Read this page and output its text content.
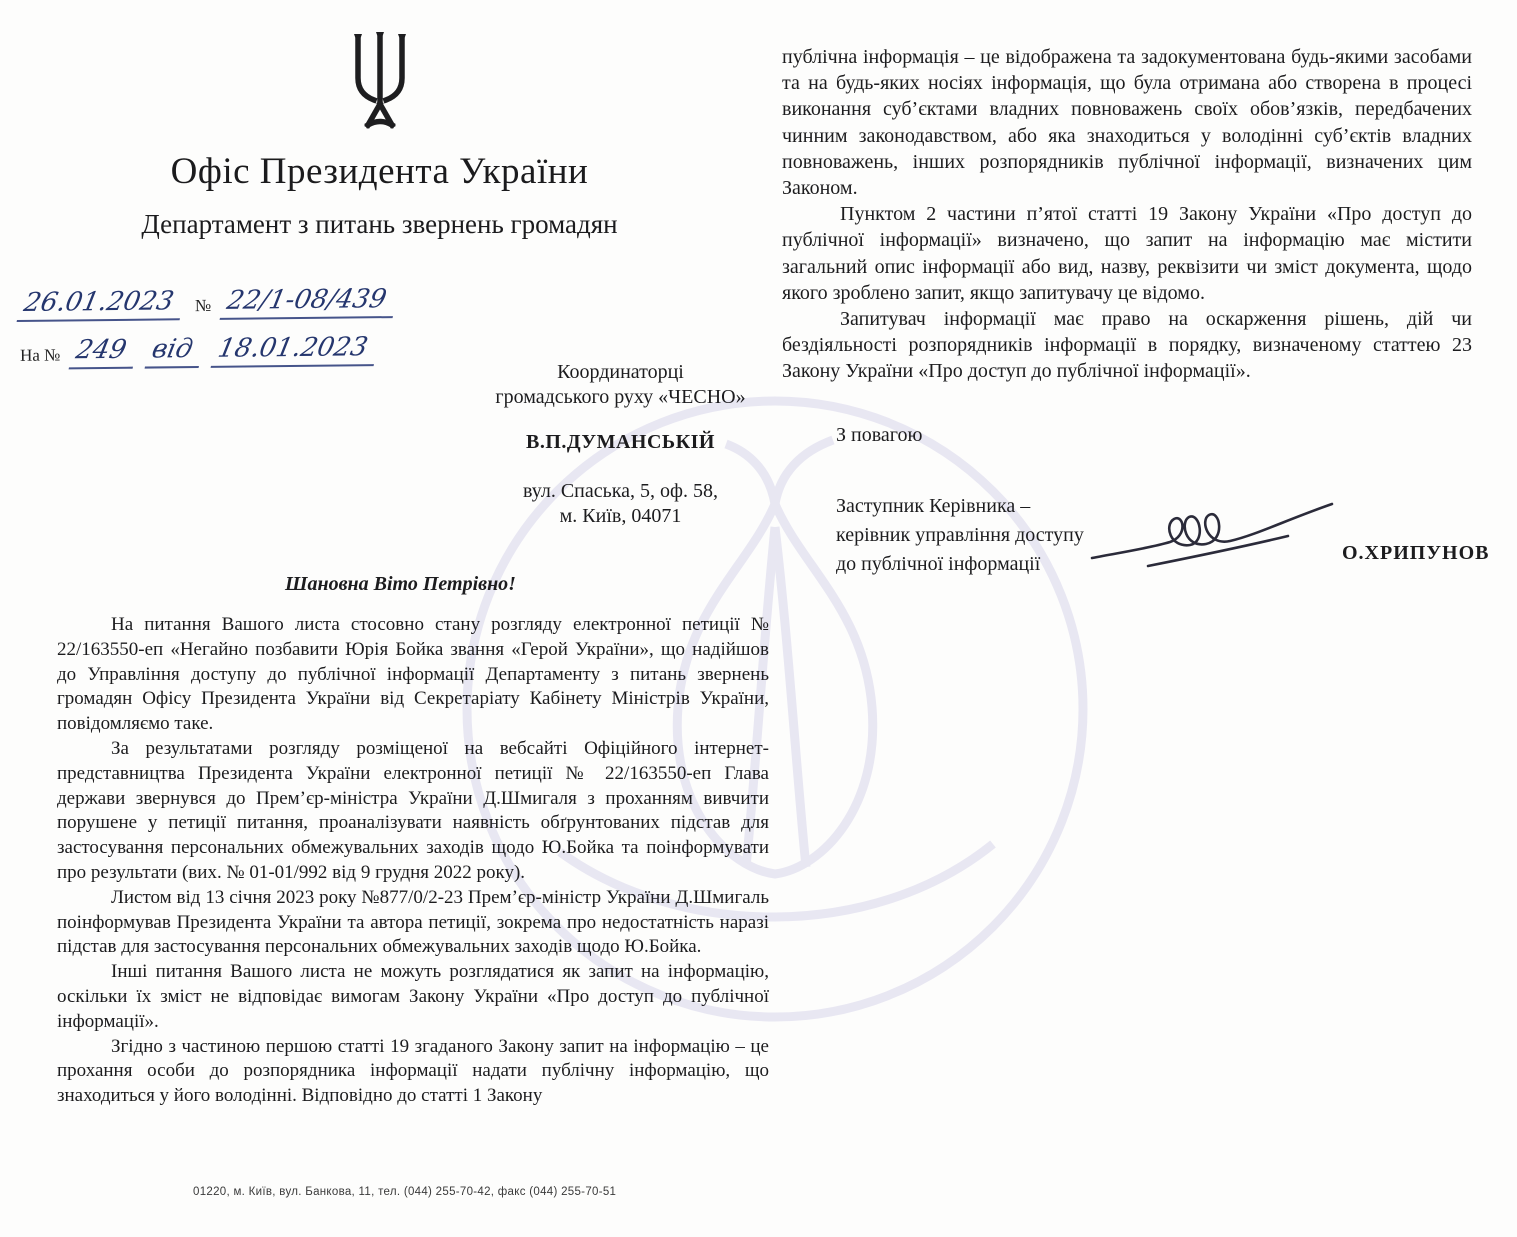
Офіс Президента України
Департамент з питань звернень громадян
26.01.2023	№ 22/1-08/439
На № 249 від 18.01.2023
Координаторці
громадського руху «ЧЕСНО»
В.П.ДУМАНСЬКІЙ
вул. Спаська, 5, оф. 58,
м. Київ, 04071
Шановна Віто Петрівно!

На питання Вашого листа стосовно стану розгляду електронної петиції № 22/163550-еп «Негайно позбавити Юрія Бойка звання «Герой України», що надійшов до Управління доступу до публічної інформації Департаменту з питань звернень громадян Офісу Президента України від Секретаріату Кабінету Міністрів України, повідомляємо таке.

За результатами розгляду розміщеної на вебсайті Офіційного інтернет-представництва Президента України електронної петиції № 22/163550-еп Глава держави звернувся до Прем’єр-міністра України Д.Шмигаля з проханням вивчити порушене у петиції питання, проаналізувати наявність обґрунтованих підстав для застосування персональних обмежувальних заходів щодо Ю.Бойка та поінформувати про результати (вих. № 01-01/992 від 9 грудня 2022 року).

Листом від 13 січня 2023 року №877/0/2-23 Прем’єр-міністр України Д.Шмигаль поінформував Президента України та автора петиції, зокрема про недостатність наразі підстав для застосування персональних обмежувальних заходів щодо Ю.Бойка.

Інші питання Вашого листа не можуть розглядатися як запит на інформацію, оскільки їх зміст не відповідає вимогам Закону України «Про доступ до публічної інформації».

Згідно з частиною першою статті 19 згаданого Закону запит на інформацію – це прохання особи до розпорядника інформації надати публічну інформацію, що знаходиться у його володінні. Відповідно до статті 1 Закону

публічна інформація – це відображена та задокументована будь-якими засобами та на будь-яких носіях інформація, що була отримана або створена в процесі виконання суб’єктами владних повноважень своїх обов’язків, передбачених чинним законодавством, або яка знаходиться у володінні суб’єктів владних повноважень, інших розпорядників публічної інформації, визначених цим Законом.

Пунктом 2 частини п’ятої статті 19 Закону України «Про доступ до публічної інформації» визначено, що запит на інформацію має містити загальний опис інформації або вид, назву, реквізити чи зміст документа, щодо якого зроблено запит, якщо запитувачу це відомо.

Запитувач інформації має право на оскарження рішень, дій чи бездіяльності розпорядників інформації в порядку, визначеному статтею 23 Закону України «Про доступ до публічної інформації».

З повагою
Заступник Керівника –
керівник управління доступу
до публічної інформації	О.ХРИПУНОВ
01220, м. Київ, вул. Банкова, 11, тел. (044) 255-70-42, факс (044) 255-70-51
